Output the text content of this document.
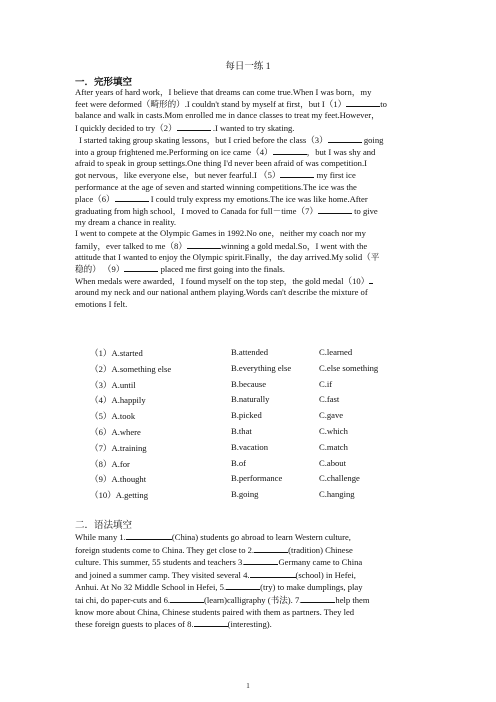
每日一练 1
一．完形填空

After years of hard work，I believe that dreams can come true.When I was born，my
feet were deformed（畸形的）.I couldn't stand by myself at first，but I（1）	to
balance and walk in casts.Mom enrolled me in dance classes to treat my feet.However，
I quickly decided to try（2）	.I wanted to try skating.
I started taking group skating lessons，but I cried before the class（3）	going
into a group frightened me.Performing on ice came（4）	，but I was shy and
afraid to speak in group settings.One thing I'd never been afraid of was competition.I
got nervous，like everyone else，but never fearful.I （5）	my first ice
performance at the age of seven and started winning competitions.The ice was the
place（6）	I could truly express my emotions.The ice was like home.After
graduating from high school，I moved to Canada for full－time（7）	to give
my dream a chance in reality.
I went to compete at the Olympic Games in 1992.No one，neither my coach nor my
family，ever talked to me（8）	winning a gold medal.So，I went with the
attitude that I wanted to enjoy the Olympic spirit.Finally，the day arrived.My solid（平
稳的） （9）	placed me first going into the finals.
When medals were awarded，I found myself on the top step，the gold medal（10）
around my neck and our national anthem playing.Words can't describe the mixture of
emotions I felt.

（1）A.started	B.attended	C.learned
（2）A.something else	B.everything else	C.else something
（3）A.until	B.because	C.if
（4）A.happily	B.naturally	C.fast
（5）A.took	B.picked	C.gave
（6）A.where	B.that	C.which
（7）A.training	B.vacation	C.match
（8）A.for	B.of	C.about
（9）A.thought	B.performance	C.challenge
（10）A.getting	B.going	C.hanging
二．语法填空

While many 1.	(China) students go abroad to learn Western culture,
foreign students come to China. They get close to 2.	(tradition) Chinese
culture. This summer, 55 students and teachers 3.	Germany came to China
and joined a summer camp. They visited several 4.	(school) in Hefei,
Anhui. At No 32 Middle School in Hefei, 5.	(try) to make dumplings, play
tai chi, do paper-cuts and 6.	(learn)calligraphy (书法). 7.	help them
know more about China, Chinese students paired with them as partners. They led
these foreign guests to places of 8.	(interesting).

1
